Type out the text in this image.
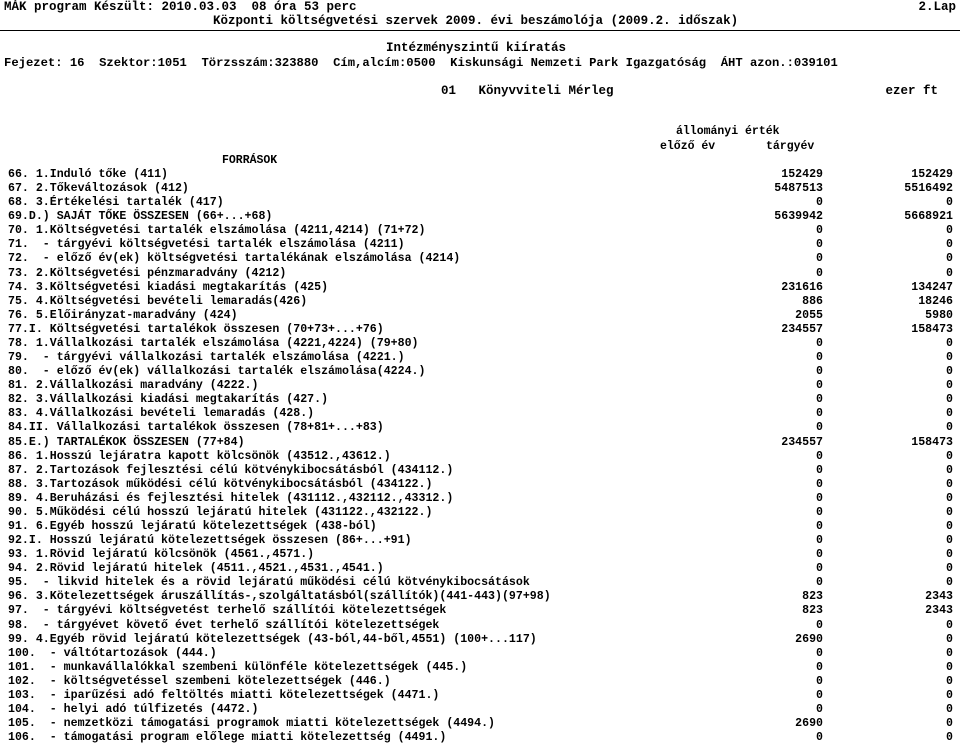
MÁK program Készült: 2010.03.03  08 óra 53 perc	2.Lap
Központi költségvetési szervek 2009. évi beszámolója (2009.2. időszak)
Intézményszintű kiíratás
Fejezet: 16  Szektor:1051  Törzsszám:323880  Cím,alcím:0500  Kiskunsági Nemzeti Park Igazgatóság  ÁHT azon.:039101
01   Könyvviteli Mérleg	ezer ft
állományi érték
előző év	tárgyév
FORRÁSOK
66. 1.Induló tőke (411)	152429	152429
67. 2.Tőkeváltozások (412)	5487513	5516492
68. 3.Értékelési tartalék (417)	0	0
69.D.) SAJÁT TŐKE ÖSSZESEN (66+...+68)	5639942	5668921
70. 1.Költségvetési tartalék elszámolása (4211,4214) (71+72)	0	0
71.  - tárgyévi költségvetési tartalék elszámolása (4211)	0	0
72.  - előző év(ek) költségvetési tartalékának elszámolása (4214)	0	0
73. 2.Költségvetési pénzmaradvány (4212)	0	0
74. 3.Költségvetési kiadási megtakarítás (425)	231616	134247
75. 4.Költségvetési bevételi lemaradás(426)	886	18246
76. 5.Előirányzat-maradvány (424)	2055	5980
77.I. Költségvetési tartalékok összesen (70+73+...+76)	234557	158473
78. 1.Vállalkozási tartalék elszámolása (4221,4224) (79+80)	0	0
79.  - tárgyévi vállalkozási tartalék elszámolása (4221.)	0	0
80.  - előző év(ek) vállalkozási tartalék elszámolása(4224.)	0	0
81. 2.Vállalkozási maradvány (4222.)	0	0
82. 3.Vállalkozási kiadási megtakarítás (427.)	0	0
83. 4.Vállalkozási bevételi lemaradás (428.)	0	0
84.II. Vállalkozási tartalékok összesen (78+81+...+83)	0	0
85.E.) TARTALÉKOK ÖSSZESEN (77+84)	234557	158473
86. 1.Hosszú lejáratra kapott kölcsönök (43512.,43612.)	0	0
87. 2.Tartozások fejlesztési célú kötvénykibocsátásból (434112.)	0	0
88. 3.Tartozások működési célú kötvénykibocsátásból (434122.)	0	0
89. 4.Beruházási és fejlesztési hitelek (431112.,432112.,43312.)	0	0
90. 5.Működési célú hosszú lejáratú hitelek (431122.,432122.)	0	0
91. 6.Egyéb hosszú lejáratú kötelezettségek (438-ból)	0	0
92.I. Hosszú lejáratú kötelezettségek összesen (86+...+91)	0	0
93. 1.Rövid lejáratú kölcsönök (4561.,4571.)	0	0
94. 2.Rövid lejáratú hitelek (4511.,4521.,4531.,4541.)	0	0
95.  - likvid hitelek és a rövid lejáratú működési célú kötvénykibocsátások	0	0
96. 3.Kötelezettségek áruszállítás-,szolgáltatásból(szállítók)(441-443)(97+98)	823	2343
97.  - tárgyévi költségvetést terhelő szállítói kötelezettségek	823	2343
98.  - tárgyévet követő évet terhelő szállítói kötelezettségek	0	0
99. 4.Egyéb rövid lejáratú kötelezettségek (43-ból,44-ből,4551) (100+...117)	2690	0
100.  - váltótartozások (444.)	0	0
101.  - munkavállalókkal szembeni különféle kötelezettségek (445.)	0	0
102.  - költségvetéssel szembeni kötelezettségek (446.)	0	0
103.  - iparűzési adó feltöltés miatti kötelezettségek (4471.)	0	0
104.  - helyi adó túlfizetés (4472.)	0	0
105.  - nemzetközi támogatási programok miatti kötelezettségek (4494.)	2690	0
106.  - támogatási program előlege miatti kötelezettség (4491.)	0	0
